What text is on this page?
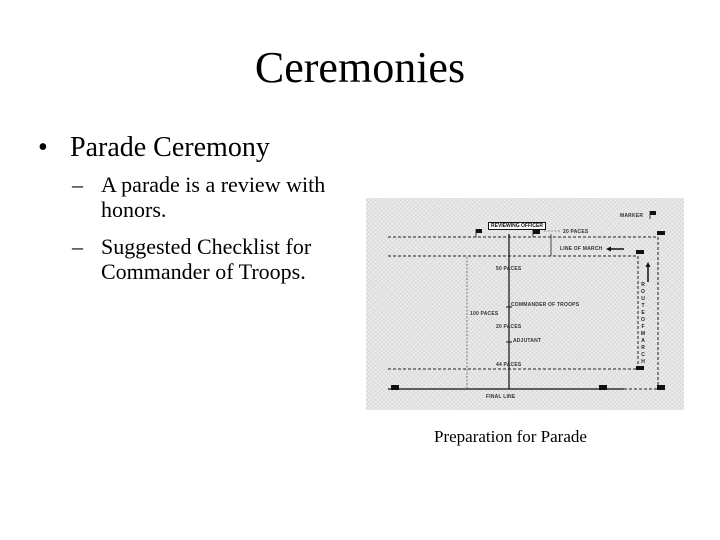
Ceremonies
• Parade Ceremony
– A parade is a review with honors.
– Suggested Checklist for Commander of Troops.
REVIEWING OFFICER
MARKER
20 PACES
LINE OF MARCH
50 PACES
COMMANDER OF TROOPS
100 PACES
20 PACES
ADJUTANT
44 PACES
FINAL LINE
ROUTE OF MARCH
Preparation for Parade
